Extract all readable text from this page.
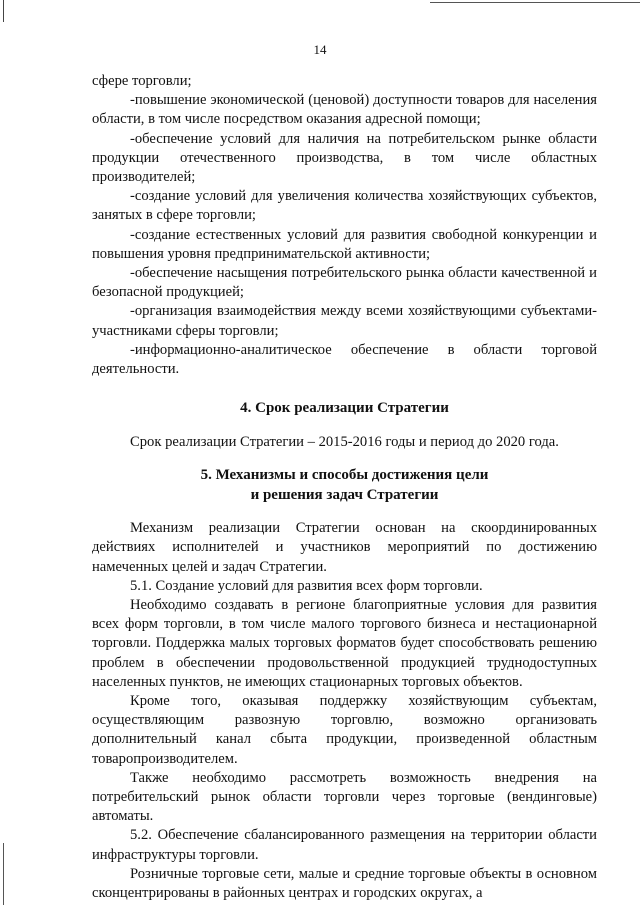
14

сфере торговли;

-повышение экономической (ценовой) доступности товаров для населения области, в том числе посредством оказания адресной помощи;

-обеспечение условий для наличия на потребительском рынке области продукции отечественного производства, в том числе областных производителей;

-создание условий для увеличения количества хозяйствующих субъектов, занятых в сфере торговли;

-создание естественных условий для развития свободной конкуренции и повышения уровня предпринимательской активности;

-обеспечение насыщения потребительского рынка области качественной и безопасной продукцией;

-организация взаимодействия между всеми хозяйствующими субъектами-участниками сферы торговли;

-информационно-аналитическое обеспечение в области торговой деятельности.

4. Срок реализации Стратегии

Срок реализации Стратегии – 2015-2016 годы и период до 2020 года.

5. Механизмы и способы достижения цели
и решения задач Стратегии

Механизм реализации Стратегии основан на скоординированных действиях исполнителей и участников мероприятий по достижению намеченных целей и задач Стратегии.

5.1. Создание условий для развития всех форм торговли.

Необходимо создавать в регионе благоприятные условия для развития всех форм торговли, в том числе малого торгового бизнеса и нестационарной торговли. Поддержка малых торговых форматов будет способствовать решению проблем в обеспечении продовольственной продукцией труднодоступных населенных пунктов, не имеющих стационарных торговых объектов.

Кроме того, оказывая поддержку хозяйствующим субъектам, осуществляющим развозную торговлю, возможно организовать дополнительный канал сбыта продукции, произведенной областным товаропроизводителем.

Также необходимо рассмотреть возможность внедрения на потребительский рынок области торговли через торговые (вендинговые) автоматы.

5.2. Обеспечение сбалансированного размещения на территории области инфраструктуры торговли.

Розничные торговые сети, малые и средние торговые объекты в основном сконцентрированы в районных центрах и городских округах, а
